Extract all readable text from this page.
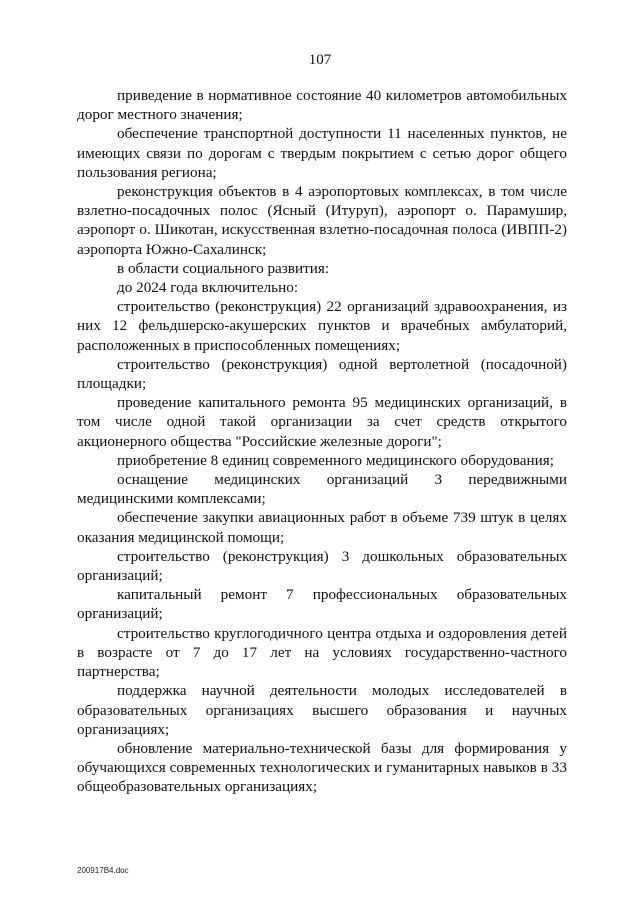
107

приведение в нормативное состояние 40 километров автомобильных дорог местного значения;

обеспечение транспортной доступности 11 населенных пунктов, не имеющих связи по дорогам с твердым покрытием с сетью дорог общего пользования региона;

реконструкция объектов в 4 аэропортовых комплексах, в том числе взлетно-посадочных полос (Ясный (Итуруп), аэропорт о. Парамушир, аэропорт о. Шикотан, искусственная взлетно-посадочная полоса (ИВПП-2) аэропорта Южно-Сахалинск;

в области социального развития:

до 2024 года включительно:

строительство (реконструкция) 22 организаций здравоохранения, из них 12 фельдшерско-акушерских пунктов и врачебных амбулаторий, расположенных в приспособленных помещениях;

строительство (реконструкция) одной вертолетной (посадочной) площадки;

проведение капитального ремонта 95 медицинских организаций, в том числе одной такой организации за счет средств открытого акционерного общества "Российские железные дороги";

приобретение 8 единиц современного медицинского оборудования;

оснащение медицинских организаций 3 передвижными медицинскими комплексами;

обеспечение закупки авиационных работ в объеме 739 штук в целях оказания медицинской помощи;

строительство (реконструкция) 3 дошкольных образовательных организаций;

капитальный ремонт 7 профессиональных образовательных организаций;

строительство круглогодичного центра отдыха и оздоровления детей в возрасте от 7 до 17 лет на условиях государственно-частного партнерства;

поддержка научной деятельности молодых исследователей в образовательных организациях высшего образования и научных организациях;

обновление материально-технической базы для формирования у обучающихся современных технологических и гуманитарных навыков в 33 общеобразовательных организациях;

200917В4.doc
